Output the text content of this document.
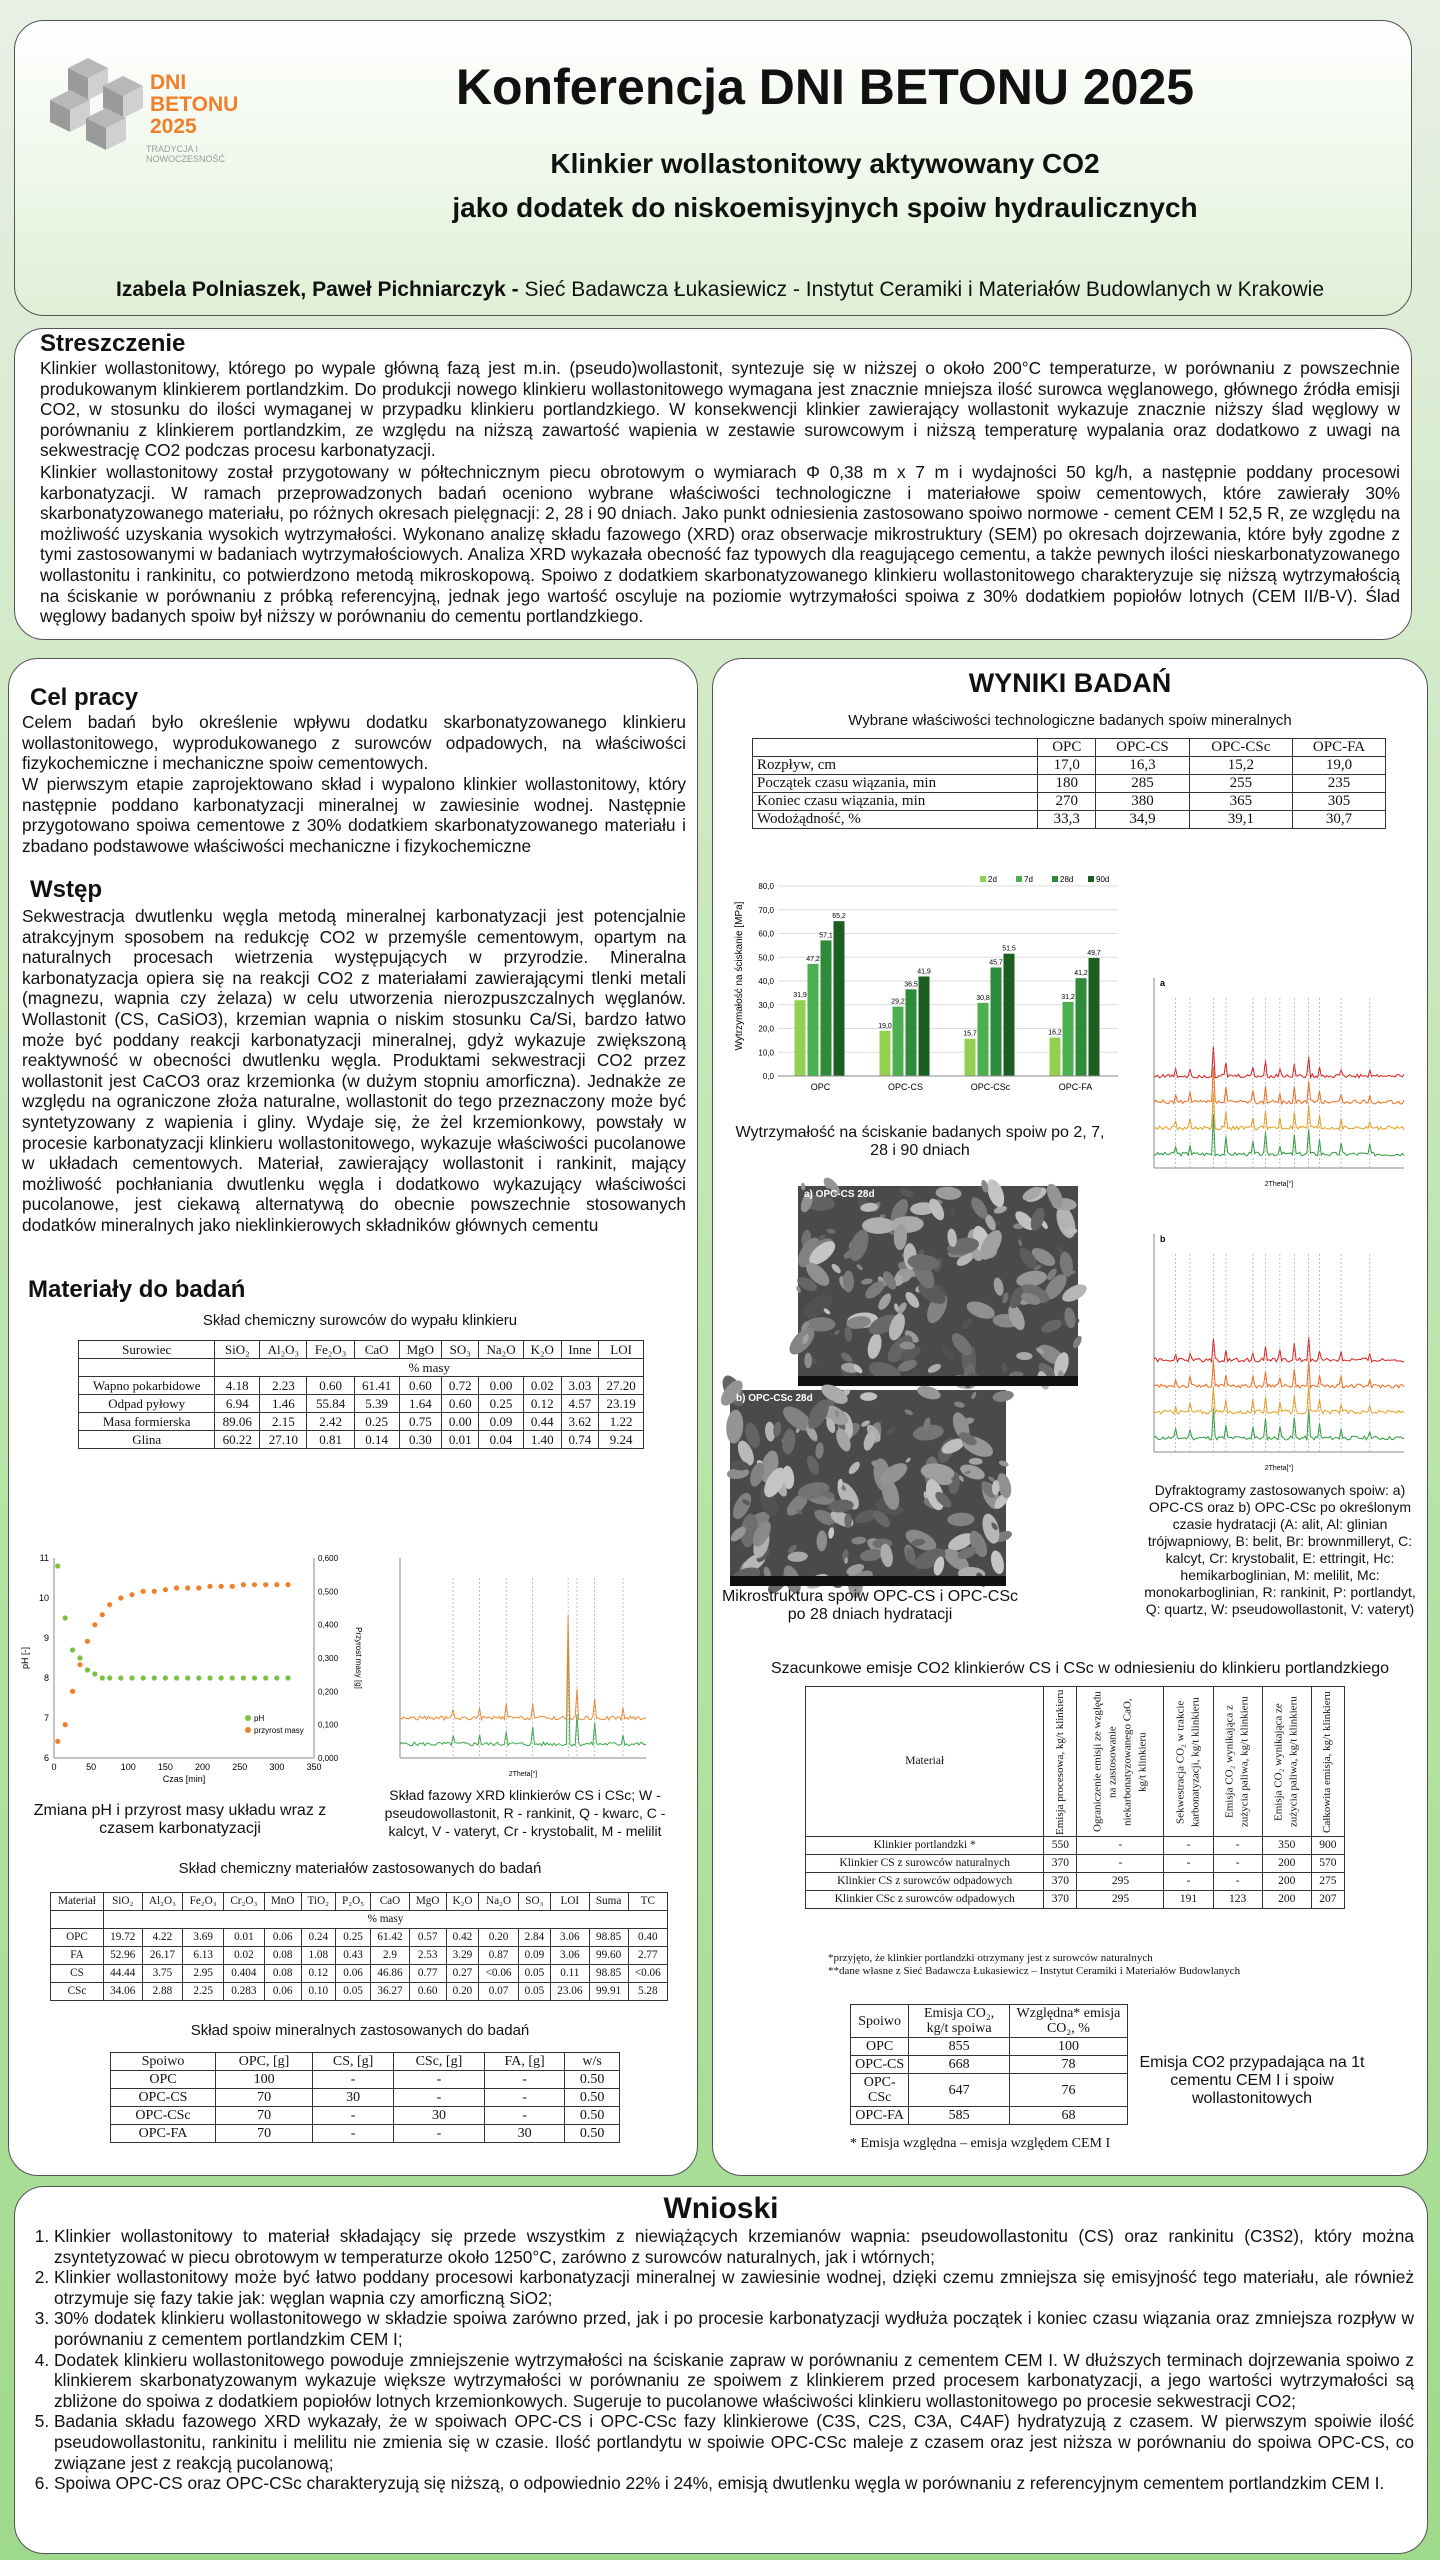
DNI
BETONU
2025
TRADYCJA I NOWOCZESNOŚĆ
Konferencja DNI BETONU 2025
Klinkier wollastonitowy aktywowany CO2
jako dodatek do niskoemisyjnych spoiw hydraulicznych
Izabela Polniaszek, Paweł Pichniarczyk - Sieć Badawcza Łukasiewicz - Instytut Ceramiki i Materiałów Budowlanych w Krakowie
Streszczenie
Klinkier wollastonitowy, którego po wypale główną fazą jest m.in. (pseudo)wollastonit, syntezuje się w niższej o około 200°C temperaturze, w porównaniu z powszechnie produkowanym klinkierem portlandzkim. Do produkcji nowego klinkieru wollastonitowego wymagana jest znacznie mniejsza ilość surowca węglanowego, głównego źródła emisji CO2, w stosunku do ilości wymaganej w przypadku klinkieru portlandzkiego. W konsekwencji klinkier zawierający wollastonit wykazuje znacznie niższy ślad węglowy w porównaniu z klinkierem portlandzkim, ze względu na niższą zawartość wapienia w zestawie surowcowym i niższą temperaturę wypalania oraz dodatkowo z uwagi na sekwestrację CO2 podczas procesu karbonatyzacji.
Klinkier wollastonitowy został przygotowany w półtechnicznym piecu obrotowym o wymiarach Φ 0,38 m x 7 m i wydajności 50 kg/h, a następnie poddany procesowi karbonatyzacji. W ramach przeprowadzonych badań oceniono wybrane właściwości technologiczne i materiałowe spoiw cementowych, które zawierały 30% skarbonatyzowanego materiału, po różnych okresach pielęgnacji: 2, 28 i 90 dniach. Jako punkt odniesienia zastosowano spoiwo normowe - cement CEM I 52,5 R, ze względu na możliwość uzyskania wysokich wytrzymałości. Wykonano analizę składu fazowego (XRD) oraz obserwacje mikrostruktury (SEM) po okresach dojrzewania, które były zgodne z tymi zastosowanymi w badaniach wytrzymałościowych. Analiza XRD wykazała obecność faz typowych dla reagującego cementu, a także pewnych ilości nieskarbonatyzowanego wollastonitu i rankinitu, co potwierdzono metodą mikroskopową. Spoiwo z dodatkiem skarbonatyzowanego klinkieru wollastonitowego charakteryzuje się niższą wytrzymałością na ściskanie w porównaniu z próbką referencyjną, jednak jego wartość oscyluje na poziomie wytrzymałości spoiwa z 30% dodatkiem popiołów lotnych (CEM II/B-V). Ślad węglowy badanych spoiw był niższy w porównaniu do cementu portlandzkiego.
Cel pracy
Celem badań było określenie wpływu dodatku skarbonatyzowanego klinkieru wollastonitowego, wyprodukowanego z surowców odpadowych, na właściwości fizykochemiczne i mechaniczne spoiw cementowych.
W pierwszym etapie zaprojektowano skład i wypalono klinkier wollastonitowy, który następnie poddano karbonatyzacji mineralnej w zawiesinie wodnej. Następnie przygotowano spoiwa cementowe z 30% dodatkiem skarbonatyzowanego materiału i zbadano podstawowe właściwości mechaniczne i fizykochemiczne
Wstęp
Sekwestracja dwutlenku węgla metodą mineralnej karbonatyzacji jest potencjalnie atrakcyjnym sposobem na redukcję CO2 w przemyśle cementowym, opartym na naturalnych procesach wietrzenia występujących w przyrodzie. Mineralna karbonatyzacja opiera się na reakcji CO2 z materiałami zawierającymi tlenki metali (magnezu, wapnia czy żelaza) w celu utworzenia nierozpuszczalnych węglanów. Wollastonit (CS, CaSiO3), krzemian wapnia o niskim stosunku Ca/Si, bardzo łatwo może być poddany reakcji karbonatyzacji mineralnej, gdyż wykazuje zwiększoną reaktywność w obecności dwutlenku węgla. Produktami sekwestracji CO2 przez wollastonit jest CaCO3 oraz krzemionka (w dużym stopniu amorficzna). Jednakże ze względu na ograniczone złoża naturalne, wollastonit do tego przeznaczony może być syntetyzowany z wapienia i gliny. Wydaje się, że żel krzemionkowy, powstały w procesie karbonatyzacji klinkieru wollastonitowego, wykazuje właściwości pucolanowe w układach cementowych. Materiał, zawierający wollastonit i rankinit, mający możliwość pochłaniania dwutlenku węgla i dodatkowo wykazujący właściwości pucolanowe, jest ciekawą alternatywą do obecnie powszechnie stosowanych dodatków mineralnych jako nieklinkierowych składników głównych cementu
Materiały do badań
Skład chemiczny surowców do wypału klinkieru
Surowiec	SiO₂	Al₂O₃	Fe₂O₃	CaO	MgO	SO₃	Na₂O	K₂O	Inne	LOI
	% masy									
Wapno pokarbidowe	4.18	2.23	0.60	61.41	0.60	0.72	0.00	0.02	3.03	27.20
Odpad pyłowy	6.94	1.46	55.84	5.39	1.64	0.60	0.25	0.12	4.57	23.19
Masa formierska	89.06	2.15	2.42	0.25	0.75	0.00	0.09	0.44	3.62	1.22
Glina	60.22	27.10	0.81	0.14	0.30	0.01	0.04	1.40	0.74	9.24
6
7
8
9
10
11
0	50	100 150 200 250 300 350
0,000
0,100
0,200
0,300
0,400
0,500
0,600
Czas [min]
pH [-]	Przyrost masy [g]
pH
przyrost masy
Zmiana pH i przyrost masy układu wraz z czasem karbonatyzacji
2Theta[°]
Skład fazowy XRD klinkierów CS i CSc; W - pseudowollastonit, R - rankinit, Q - kwarc, C - kalcyt, V - vateryt, Cr - krystobalit, M - melilit
Skład chemiczny materiałów zastosowanych do badań
Materiał	SiO₂	Al₂O₃	Fe₂O₃	Cr₂O₃	MnO	TiO₂	P₂O₅	CaO	MgO	K₂O	Na₂O	SO₃	LOI	Suma	TC
	% masy														
OPC	19.72	4.22	3.69	0.01	0.06	0.24	0.25	61.42	0.57	0.42	0.20	2.84	3.06	98.85	0.40
FA	52.96	26.17	6.13	0.02	0.08	1.08	0.43	2.9	2.53	3.29	0.87	0.09	3.06	99.60	2.77
CS	44.44	3.75	2.95	0.404	0.08	0.12	0.06	46.86	0.77	0.27	<0.06	0.05	0.11	98.85	<0.06
CSc	34.06	2.88	2.25	0.283	0.06	0.10	0.05	36.27	0.60	0.20	0.07	0.05	23.06	99.91	5.28
Skład spoiw mineralnych zastosowanych do badań
Spoiwo	OPC, [g]	CS, [g]	CSc, [g]	FA, [g]	w/s
OPC	100	-	-	-	0.50
OPC-CS	70	30	-	-	0.50
OPC-CSc	70	-	30	-	0.50
OPC-FA	70	-	-	30	0.50
WYNIKI BADAŃ
Wybrane właściwości technologiczne badanych spoiw mineralnych
	OPC	OPC-CS	OPC-CSc	OPC-FA
Rozpływ, cm	17,0	16,3	15,2	19,0
Początek czasu wiązania, min	180	285	255	235
Koniec czasu wiązania, min	270	380	365	305
Wodożądność, %	33,3	34,9	39,1	30,7
Wytrzymałość na ściskanie [MPa]
0,0
10,0
20,0
30,0
40,0
50,0
60,0
70,0
80,0
OPC
31,9
47,2
57,1
65,2
OPC-CS
19,0
29,2
36,5
41,9
OPC-CSc
15,7
30,8
45,7
51,5
OPC-FA
16,2
31,2
41,2
49,7
2d	7d	28d	90d
Wytrzymałość na ściskanie badanych spoiw po 2, 7, 28 i 90 dniach
a
2Theta[°]
b
2Theta[°]
Dyfraktogramy zastosowanych spoiw: a) OPC-CS oraz b) OPC-CSc po określonym czasie hydratacji (A: alit, Al: glinian trójwapniowy, B: belit, Br: brownmilleryt, C: kalcyt, Cr: krystobalit, E: ettringit, Hc: hemikarboglinian, M: melilit, Mc: monokarboglinian, R: rankinit, P: portlandyt, Q: quartz, W: pseudowollastonit, V: vateryt)
a) OPC-CS 28d
b) OPC-CSc 28d
Mikrostruktura spoiw OPC-CS i OPC-CSc po 28 dniach hydratacji
Szacunkowe emisje CO2 klinkierów CS i CSc w odniesieniu do klinkieru portlandzkiego
Materiał	Emisja procesowa, kg/t klinkieru	Ograniczenie emisji ze względu na zastosowanie niekarbonatyzowanego CaO, kg/t klinkieru	Sekwestracja CO₂ w trakcie karbonatyzacji, kg/t klinkieru	Emisja CO₂ wynikająca z zużycia paliwa, kg/t klinkieru	Emisja CO₂ wynikająca ze zużycia paliwa, kg/t klinkieru	Całkowita emisja, kg/t klinkieru
Klinkier portlandzki *	550	-	-	-	350	900
Klinkier CS z surowców naturalnych	370	-	-	-	200	570
Klinkier CS z surowców odpadowych	370	295	-	-	200	275
Klinkier CSc z surowców odpadowych	370	295	191	123	200	207
*przyjęto, że klinkier portlandzki otrzymany jest z surowców naturalnych
**dane własne z Sieć Badawcza Łukasiewicz – Instytut Ceramiki i Materiałów Budowlanych
Spoiwo	Emisja CO₂, kg/t spoiwa	Względna* emisja CO₂, %
OPC	855	100
OPC-CS	668	78
OPC-CSc	647	76
OPC-FA	585	68
* Emisja względna – emisja względem CEM I
Emisja CO2 przypadająca na 1t cementu CEM I i spoiw wollastonitowych
Wnioski
1. Klinkier wollastonitowy to materiał składający się przede wszystkim z niewiążących krzemianów wapnia: pseudowollastonitu (CS) oraz rankinitu (C3S2), który można zsyntetyzować w piecu obrotowym w temperaturze około 1250°C, zarówno z surowców naturalnych, jak i wtórnych;
2. Klinkier wollastonitowy może być łatwo poddany procesowi karbonatyzacji mineralnej w zawiesinie wodnej, dzięki czemu zmniejsza się emisyjność tego materiału, ale również otrzymuje się fazy takie jak: węglan wapnia czy amorficzną SiO2;
3. 30% dodatek klinkieru wollastonitowego w składzie spoiwa zarówno przed, jak i po procesie karbonatyzacji wydłuża początek i koniec czasu wiązania oraz zmniejsza rozpływ w porównaniu z cementem portlandzkim CEM I;
4. Dodatek klinkieru wollastonitowego powoduje zmniejszenie wytrzymałości na ściskanie zapraw w porównaniu z cementem CEM I. W dłuższych terminach dojrzewania spoiwo z klinkierem skarbonatyzowanym wykazuje większe wytrzymałości w porównaniu ze spoiwem z klinkierem przed procesem karbonatyzacji, a jego wartości wytrzymałości są zbliżone do spoiwa z dodatkiem popiołów lotnych krzemionkowych. Sugeruje to pucolanowe właściwości klinkieru wollastonitowego po procesie sekwestracji CO2;
5. Badania składu fazowego XRD wykazały, że w spoiwach OPC-CS i OPC-CSc fazy klinkierowe (C3S, C2S, C3A, C4AF) hydratyzują z czasem. W pierwszym spoiwie ilość pseudowollastonitu, rankinitu i melilitu nie zmienia się w czasie. Ilość portlandytu w spoiwie OPC-CSc maleje z czasem oraz jest niższa w porównaniu do spoiwa OPC-CS, co związane jest z reakcją pucolanową;
6. Spoiwa OPC-CS oraz OPC-CSc charakteryzują się niższą, o odpowiednio 22% i 24%, emisją dwutlenku węgla w porównaniu z referencyjnym cementem portlandzkim CEM I.
